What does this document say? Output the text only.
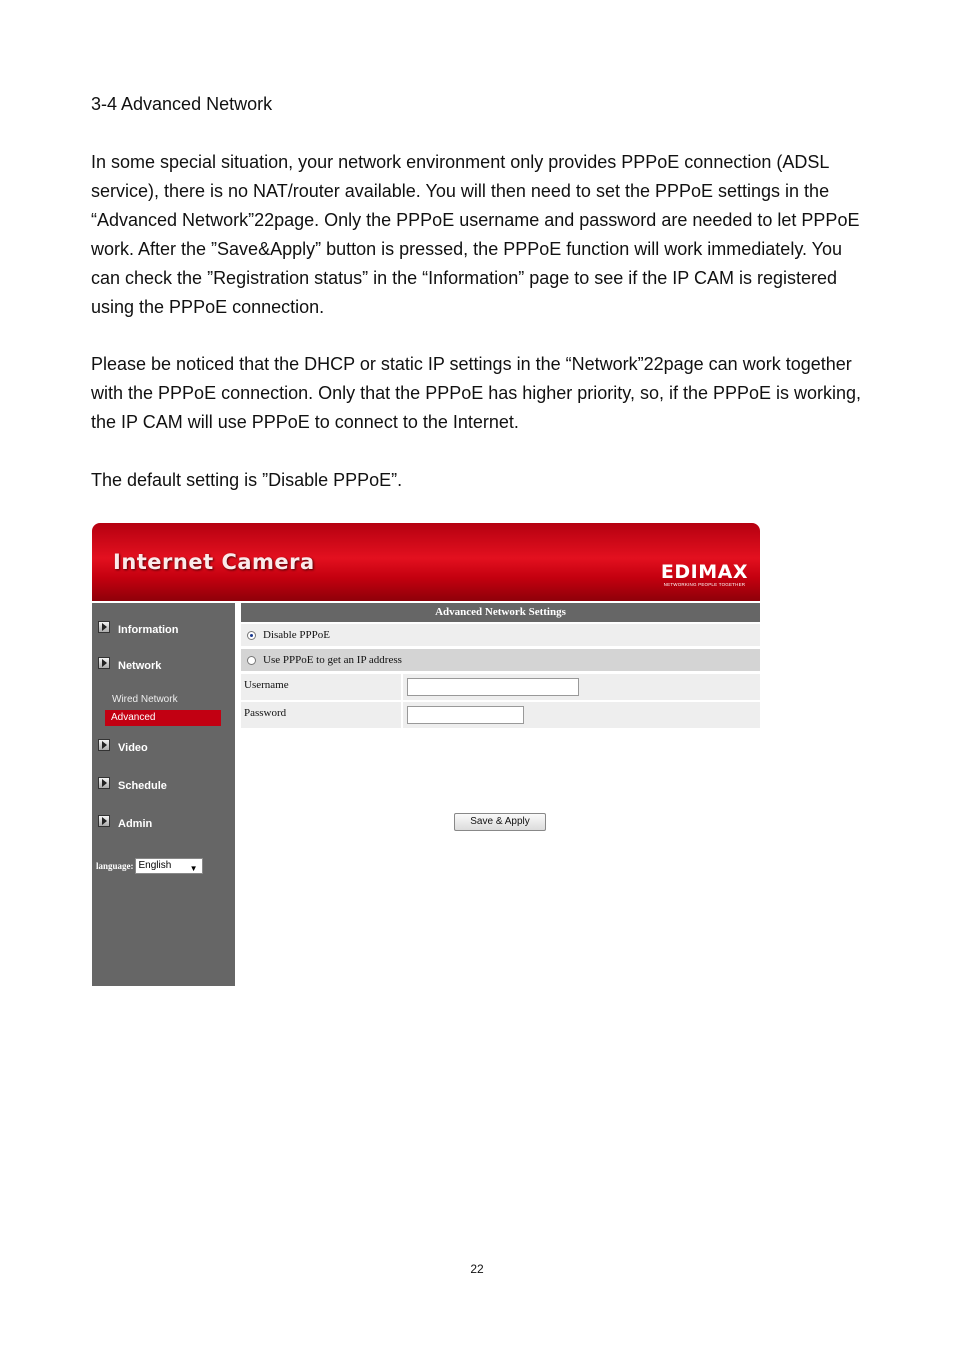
3-4 Advanced Network

In some special situation, your network environment only provides PPPoE connection (ADSL service), there is no NAT/router available. You will then need to set the PPPoE settings in the “Advanced Network”22page. Only the PPPoE username and password are needed to let PPPoE work. After the ”Save&Apply” button is pressed, the PPPoE function will work immediately. You can check the ”Registration status” in the “Information” page to see if the IP CAM is registered using the PPPoE connection.

Please be noticed that the DHCP or static IP settings in the “Network”22page can work together with the PPPoE connection. Only that the PPPoE has higher priority, so, if the PPPoE is working, the IP CAM will use PPPoE to connect to the Internet.

The default setting is ”Disable PPPoE”.

Internet Camera	EDIMAX
NETWORKING PEOPLE TOGETHER
Information
Network
Wired Network
Advanced
Video
Schedule
Admin
language: English ▼
Advanced Network Settings
Disable PPPoE
Use PPPoE to get an IP address
Username
Password
Save & Apply
22
